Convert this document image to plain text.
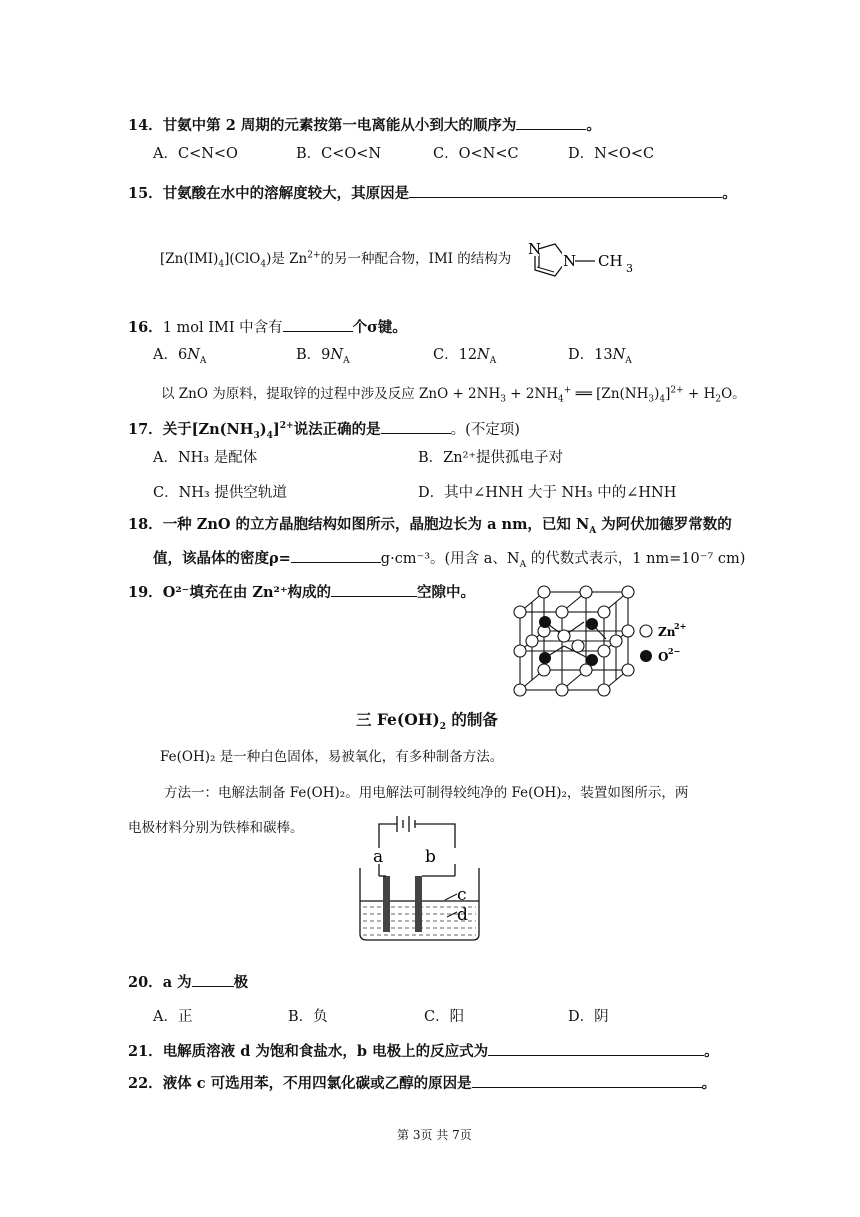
14．甘氨中第 2 周期的元素按第一电离能从小到大的顺序为	。
A．C<N<O	B．C<O<N	C．O<N<C	D．N<O<C
15．甘氨酸在水中的溶解度较大，其原因是	。
$[Zn(IMI)_4](ClO_4)$是 $Zn^{2+}$的另一种配合物，IMI 的结构为
N
N CH 3
16．1 mol IMI 中含有	个σ键。
A．$6N_A$	B．$9N_A$	C．$12N_A$	D．$13N_A$
以 ZnO 为原料，提取锌的过程中涉及反应 ZnO + $2NH_3 + 2NH_4^+$ ══ $[Zn(NH_3)_4]^{2+} + H_2O$。
17．关于$[Zn(NH_3)_4]^{2+}$说法正确的是	。(不定项)
A．NH₃ 是配体	B．Zn²⁺提供孤电子对
C．NH₃ 提供空轨道	D．其中∠HNH 大于 NH₃ 中的∠HNH
18．一种 ZnO 的立方晶胞结构如图所示，晶胞边长为 a nm，已知 $N_A$ 为阿伏加德罗常数的
值，该晶体的密度ρ=	g·cm⁻³。(用含 a、$N_A$ 的代数式表示，1 nm=10⁻⁷ cm)
19．O²⁻填充在由 Zn²⁺构成的	空隙中。
Zn
2+
O 2−
三 $Fe(OH)_2$ 的制备
Fe(OH)₂ 是一种白色固体，易被氧化，有多种制备方法。
方法一：电解法制备 Fe(OH)₂。用电解法可制得较纯净的 Fe(OH)₂，装置如图所示，两
电极材料分别为铁棒和碳棒。
a b
c
d
20．a 为	极
A．正	B．负	C．阳	D．阴
21．电解质溶液 d 为饱和食盐水，b 电极上的反应式为	。
22．液体 c 可选用苯，不用四氯化碳或乙醇的原因是	。
第 3页 共 7页
